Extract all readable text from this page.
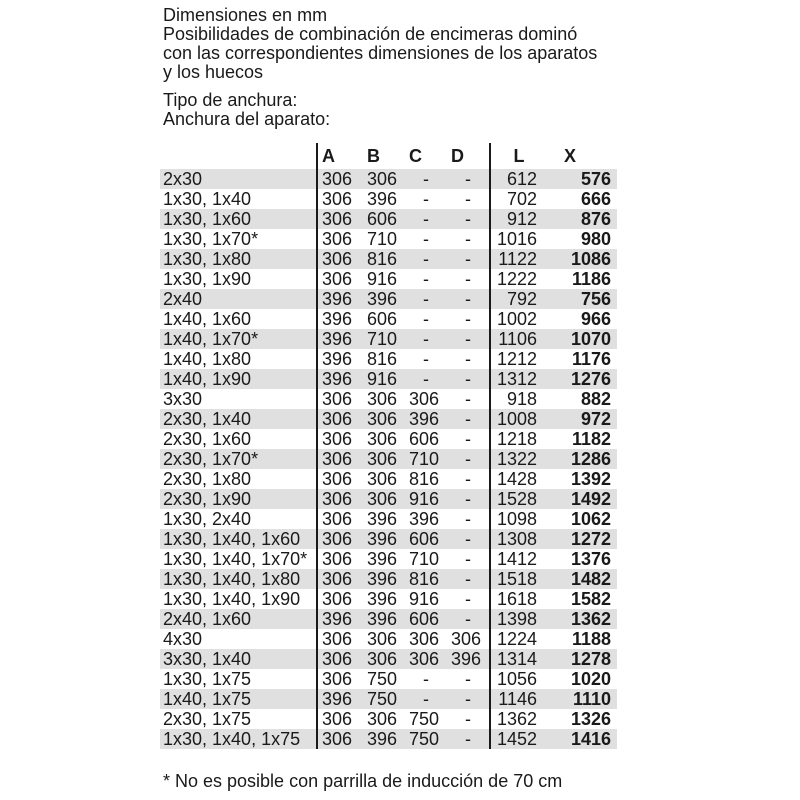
Dimensiones en mm
Posibilidades de combinación de encimeras dominó
con las correspondientes dimensiones de los aparatos
y los huecos
Tipo de anchura:
Anchura del aparato:
	A	B	C	D	L	X
2x30	306	306	-	-	612	576
1x30, 1x40	306	396	-	-	702	666
1x30, 1x60	306	606	-	-	912	876
1x30, 1x70*	306	710	-	-	1016	980
1x30, 1x80	306	816	-	-	1122	1086
1x30, 1x90	306	916	-	-	1222	1186
2x40	396	396	-	-	792	756
1x40, 1x60	396	606	-	-	1002	966
1x40, 1x70*	396	710	-	-	1106	1070
1x40, 1x80	396	816	-	-	1212	1176
1x40, 1x90	396	916	-	-	1312	1276
3x30	306	306	306	-	918	882
2x30, 1x40	306	306	396	-	1008	972
2x30, 1x60	306	306	606	-	1218	1182
2x30, 1x70*	306	306	710	-	1322	1286
2x30, 1x80	306	306	816	-	1428	1392
2x30, 1x90	306	306	916	-	1528	1492
1x30, 2x40	306	396	396	-	1098	1062
1x30, 1x40, 1x60	306	396	606	-	1308	1272
1x30, 1x40, 1x70*	306	396	710	-	1412	1376
1x30, 1x40, 1x80	306	396	816	-	1518	1482
1x30, 1x40, 1x90	306	396	916	-	1618	1582
2x40, 1x60	396	396	606	-	1398	1362
4x30	306	306	306	306	1224	1188
3x30, 1x40	306	306	306	396	1314	1278
1x30, 1x75	306	750	-	-	1056	1020
1x40, 1x75	396	750	-	-	1146	1110
2x30, 1x75	306	306	750	-	1362	1326
1x30, 1x40, 1x75	306	396	750	-	1452	1416
* No es posible con parrilla de inducción de 70 cm
